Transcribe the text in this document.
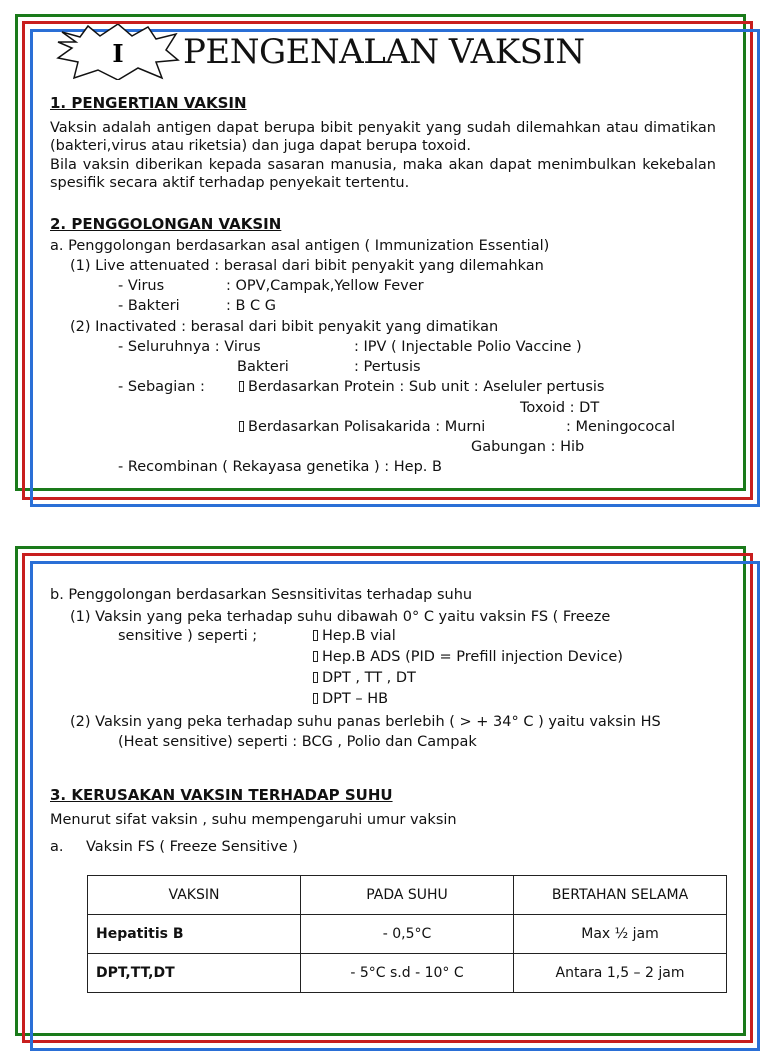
I PENGENALAN VAKSIN
1. PENGERTIAN VAKSIN
Vaksin adalah antigen dapat berupa bibit penyakit yang sudah dilemahkan atau dimatikan (bakteri,virus atau riketsia) dan juga dapat berupa toxoid.
Bila vaksin diberikan kepada sasaran manusia, maka akan dapat menimbulkan kekebalan spesifik secara aktif terhadap penyekait tertentu.
2. PENGGOLONGAN VAKSIN
a. Penggolongan berdasarkan asal antigen ( Immunization Essential)
(1) Live attenuated : berasal dari bibit penyakit yang dilemahkan
- Virus	: OPV,Campak,Yellow Fever
- Bakteri	: B C G
(2) Inactivated : berasal dari bibit penyakit yang dimatikan
- Seluruhnya : Virus	: IPV ( Injectable Polio Vaccine )
Bakteri	: Pertusis
- Sebagian :	Berdasarkan Protein : Sub unit : Aseluler pertusis
Toxoid : DT
Berdasarkan Polisakarida : Murni	: Meningococal
Gabungan : Hib
- Recombinan ( Rekayasa genetika ) : Hep. B
b. Penggolongan berdasarkan Sesnsitivitas terhadap suhu
(1) Vaksin yang peka terhadap suhu dibawah 0° C yaitu vaksin FS ( Freeze
sensitive ) seperti ;	Hep.B vial
Hep.B ADS (PID = Prefill injection Device)
DPT , TT , DT
DPT – HB
(2) Vaksin yang peka terhadap suhu panas berlebih ( > + 34° C ) yaitu vaksin HS
(Heat sensitive) seperti : BCG , Polio dan Campak
3. KERUSAKAN VAKSIN TERHADAP SUHU
Menurut sifat vaksin , suhu mempengaruhi umur vaksin
a. Vaksin FS ( Freeze Sensitive )
VAKSIN	PADA SUHU	BERTAHAN SELAMA
Hepatitis B	- 0,5°C	Max ½ jam
DPT,TT,DT	- 5°C s.d - 10° C	Antara 1,5 – 2 jam
